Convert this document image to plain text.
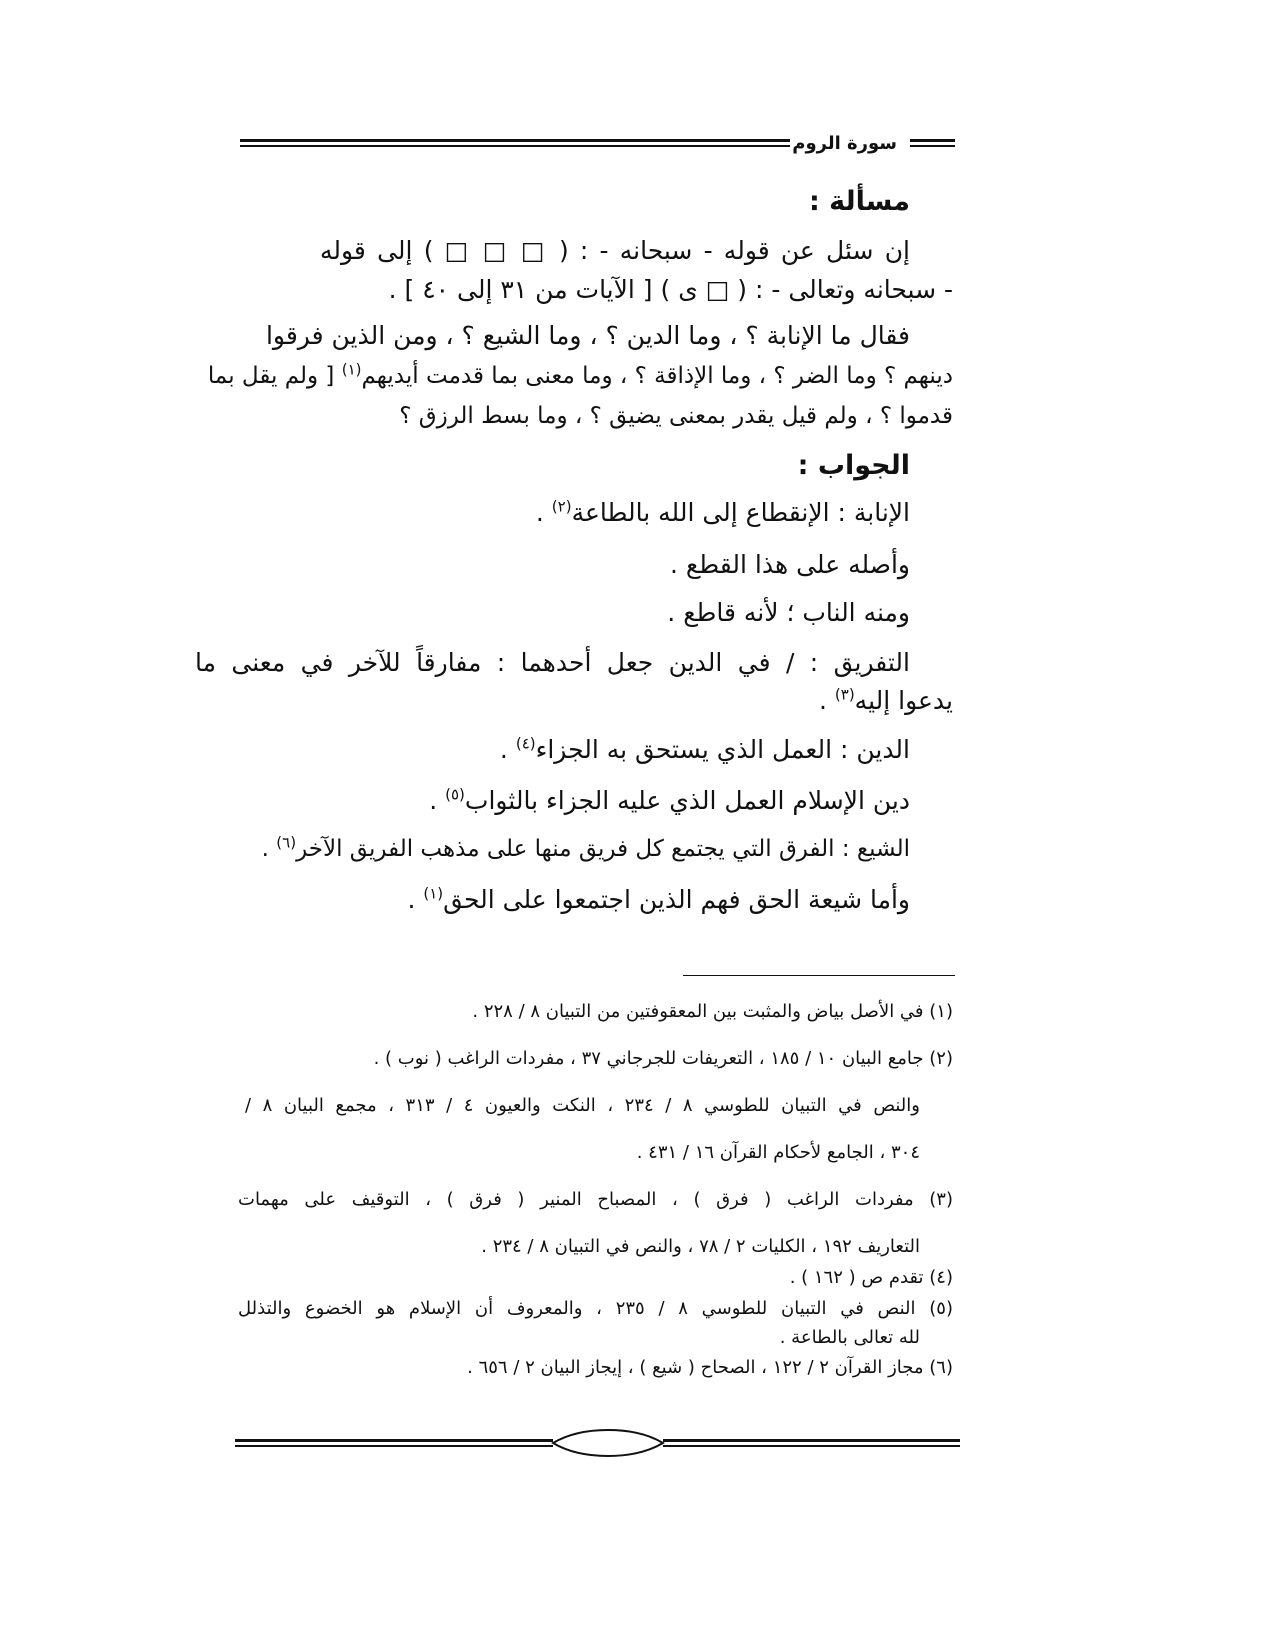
سورة الروم
مسألة :
إن سئل عن قوله - سبحانه - : ( □ □ □ ) إلى قوله
- سبحانه وتعالى - : ( □ ى ) [ الآيات من ٣١ إلى ٤٠ ] .
فقال ما الإنابة ؟ ، وما الدين ؟ ، وما الشيع ؟ ، ومن الذين فرقوا
دينهم ؟ وما الضر ؟ ، وما الإذاقة ؟ ، وما معنى بما قدمت أيديهم$^{(١)}$ [ ولم يقل بما
قدموا ؟ ، ولم قيل يقدر بمعنى يضيق ؟ ، وما بسط الرزق ؟
الجواب :
الإنابة : الإنقطاع إلى الله بالطاعة$^{(٢)}$ .
وأصله على هذا القطع .
ومنه الناب ؛ لأنه قاطع .
التفريق : / في الدين جعل أحدهما : مفارقاً للآخر في معنى ما
يدعوا إليه$^{(٣)}$ .
الدين : العمل الذي يستحق به الجزاء$^{(٤)}$ .
دين الإسلام العمل الذي عليه الجزاء بالثواب$^{(٥)}$ .
الشيع : الفرق التي يجتمع كل فريق منها على مذهب الفريق الآخر$^{(٦)}$ .
وأما شيعة الحق فهم الذين اجتمعوا على الحق$^{(١)}$ .
(١) في الأصل بياض والمثبت بين المعقوفتين من التبيان ٨ / ٢٢٨ .
(٢) جامع البيان ١٠ / ١٨٥ ، التعريفات للجرجاني ٣٧ ، مفردات الراغب ( نوب ) .
والنص في التبيان للطوسي ٨ / ٢٣٤ ، النكت والعيون ٤ / ٣١٣ ، مجمع البيان ٨ /
٣٠٤ ، الجامع لأحكام القرآن ١٦ / ٤٣١ .
(٣) مفردات الراغب ( فرق ) ، المصباح المنير ( فرق ) ، التوقيف على مهمات
التعاريف ١٩٢ ، الكليات ٢ / ٧٨ ، والنص في التبيان ٨ / ٢٣٤ .
(٤) تقدم ص ( ١٦٢ ) .
(٥) النص في التبيان للطوسي ٨ / ٢٣٥ ، والمعروف أن الإسلام هو الخضوع والتذلل
لله تعالى بالطاعة .
(٦) مجاز القرآن ٢ / ١٢٢ ، الصحاح ( شيع ) ، إيجاز البيان ٢ / ٦٥٦ .
